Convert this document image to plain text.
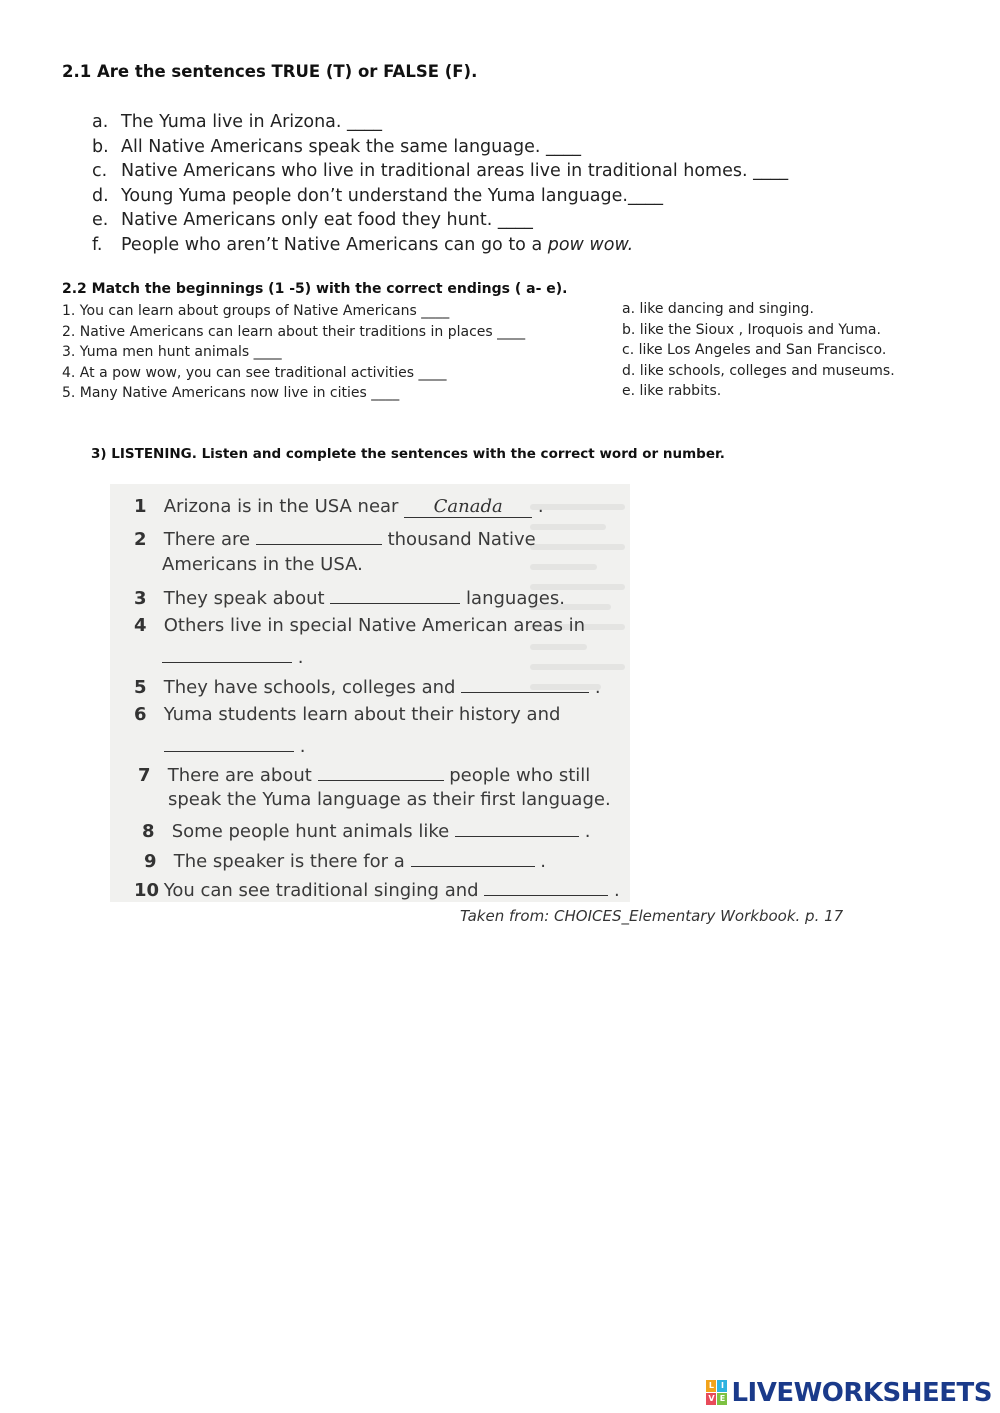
2.1 Are the sentences TRUE (T) or FALSE (F).
a. The Yuma live in Arizona. ____
b. All Native Americans speak the same language. ____
c. Native Americans who live in traditional areas live in traditional homes. ____
d. Young Yuma people don’t understand the Yuma language.____
e. Native Americans only eat food they hunt. ____
f.	People who aren’t Native Americans can go to a pow wow.
2.2 Match the beginnings (1 -5) with the correct endings ( a- e).
1. You can learn about groups of Native Americans ____
2. Native Americans can learn about their traditions in places ____
3. Yuma men hunt animals ____
4. At a pow wow, you can see traditional activities ____
5. Many Native Americans now live in cities ____
a. like dancing and singing.
b. like the Sioux , Iroquois and Yuma.
c. like Los Angeles and San Francisco.
d. like schools, colleges and museums.
e. like rabbits.
3) LISTENING. Listen and complete the sentences with the correct word or number.
1 Arizona is in the USA near Canada .
2 There are	thousand Native
Americans in the USA.
3 They speak about	languages.
4 Others live in special Native American areas in
.
5 They have schools, colleges and	.
6 Yuma students learn about their history and
.
7 There are about	people who still
speak the Yuma language as their first language.
8 Some people hunt animals like	.
9 The speaker is there for a	.
10 You can see traditional singing and	.
Taken from: CHOICES_Elementary Workbook. p. 17
L I
V E LIVEWORKSHEETS
